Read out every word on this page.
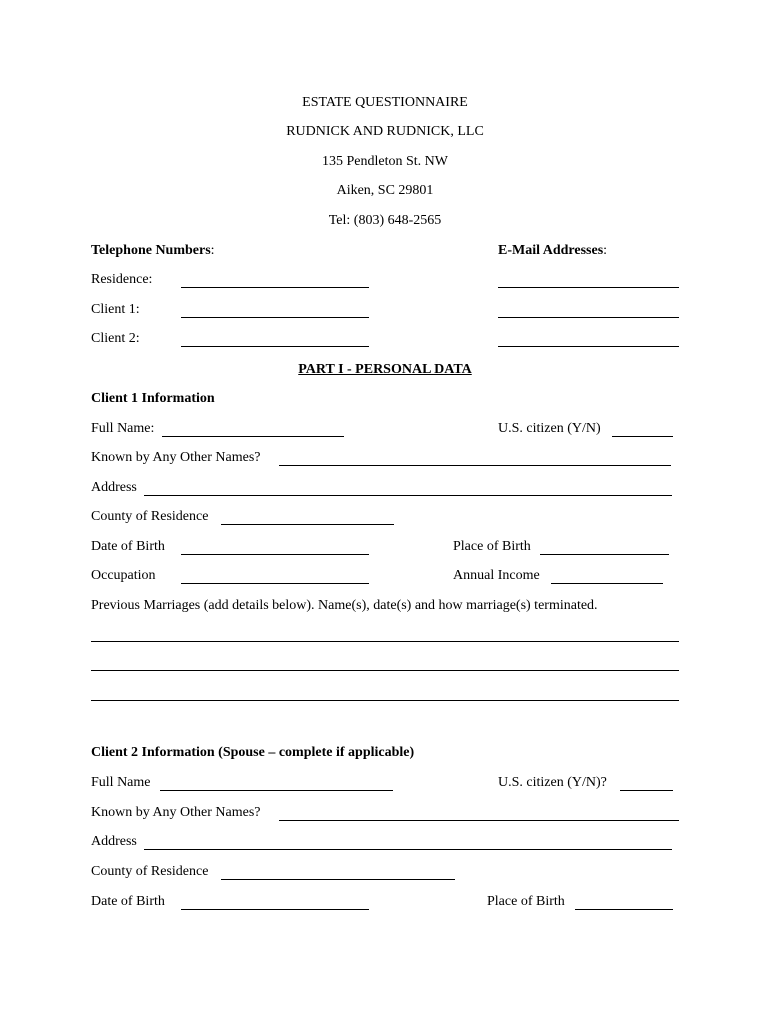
ESTATE QUESTIONNAIRE
RUDNICK AND RUDNICK, LLC
135 Pendleton St. NW
Aiken, SC 29801
Tel: (803) 648-2565
Telephone Numbers:	E-Mail Addresses:
Residence:
Client 1:
Client 2:
PART I - PERSONAL DATA
Client 1 Information
Full Name:	U.S. citizen (Y/N)
Known by Any Other Names?
Address
County of Residence
Date of Birth	Place of Birth
Occupation	Annual Income
Previous Marriages (add details below). Name(s), date(s) and how marriage(s) terminated.
Client 2 Information (Spouse – complete if applicable)
Full Name	U.S. citizen (Y/N)?
Known by Any Other Names?
Address
County of Residence
Date of Birth	Place of Birth
